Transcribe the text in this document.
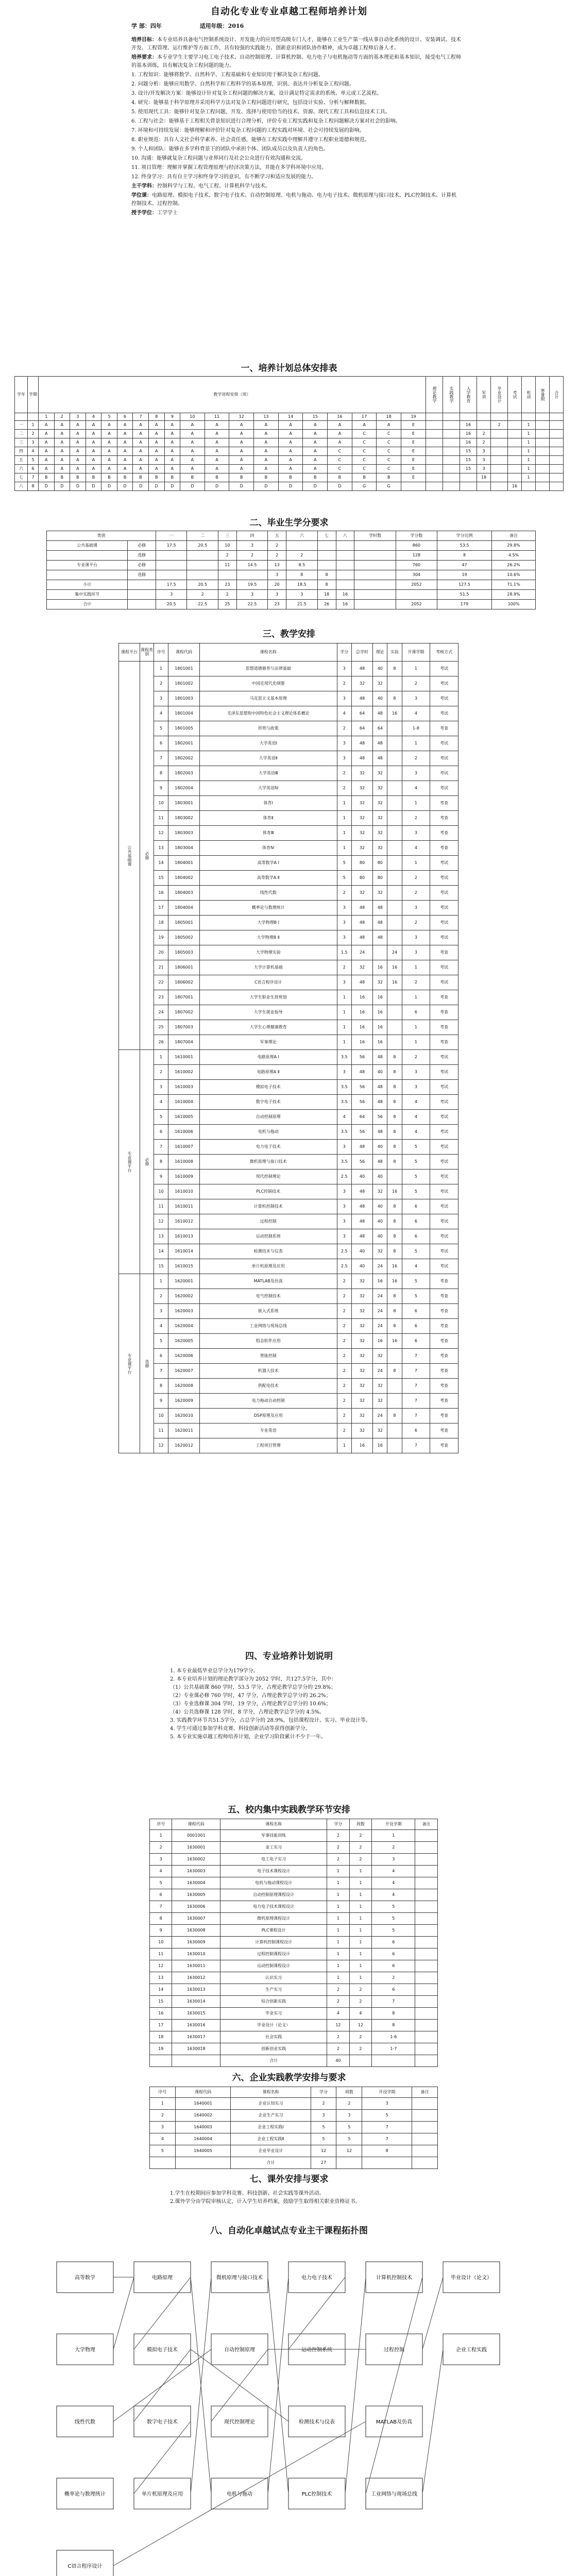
自动化专业专业卓越工程师培养计划
学 部：四年	适用年级：2016

培养目标：本专业培养具备电气控制系统设计、开发能力的应用型高级专门人才，能够在工业生产第一线从事自动化系统的设计、安装调试、技术开发、工程管理、运行维护等方面工作，具有较强的实践能力、创新意识和团队协作精神，成为卓越工程师后备人才。

培养要求：本专业学生主要学习电工电子技术、自动控制原理、计算机控制、电力电子与电机拖动等方面的基本理论和基本知识，接受电气工程师的基本训练，具有解决复杂工程问题的能力。

1. 工程知识：能够将数学、自然科学、工程基础和专业知识用于解决复杂工程问题。

2. 问题分析：能够应用数学、自然科学和工程科学的基本原理，识别、表达并分析复杂工程问题。

3. 设计/开发解决方案：能够设计针对复杂工程问题的解决方案，设计满足特定需求的系统、单元或工艺流程。

4. 研究：能够基于科学原理并采用科学方法对复杂工程问题进行研究，包括设计实验、分析与解释数据。

5. 使用现代工具：能够针对复杂工程问题，开发、选择与使用恰当的技术、资源、现代工程工具和信息技术工具。

6. 工程与社会：能够基于工程相关背景知识进行合理分析，评价专业工程实践和复杂工程问题解决方案对社会的影响。

7. 环境和可持续发展：能够理解和评价针对复杂工程问题的工程实践对环境、社会可持续发展的影响。

8. 职业规范：具有人文社会科学素养、社会责任感，能够在工程实践中理解并遵守工程职业道德和规范。

9. 个人和团队：能够在多学科背景下的团队中承担个体、团队成员以及负责人的角色。

10. 沟通：能够就复杂工程问题与业界同行及社会公众进行有效沟通和交流。

11. 项目管理：理解并掌握工程管理原理与经济决策方法，并能在多学科环境中应用。

12. 终身学习：具有自主学习和终身学习的意识，有不断学习和适应发展的能力。

主干学科：控制科学与工程、电气工程、计算机科学与技术。

学位课：电路原理、模拟电子技术、数字电子技术、自动控制原理、电机与拖动、电力电子技术、微机原理与接口技术、PLC控制技术、计算机控制技术、过程控制。

授予学位：工学学士

一、培养计划总体安排表
学年	学期	教学进程安排（周）																			理论教学	实践教学	入学教育	军训	毕业设计	考试	机动	寒暑假	合计
		1	2	3	4	5	6	7	8	9	10	11	12	13	14	15	16	17	18	19									
一	1	A	A	A	A	A	A	A	A	A	A	A	A	A	A	A	A	A	A	E			16		2		1		
二	2	A	A	A	A	A	A	A	A	A	A	A	A	A	A	A	A	C	C	E			16	2			1		
三	3	A	A	A	A	A	A	A	A	A	A	A	A	A	A	A	A	C	C	E			16	2			1		
四	4	A	A	A	A	A	A	A	A	A	A	A	A	A	A	A	C	C	C	E			15	3			1		
五	5	A	A	A	A	A	A	A	A	A	A	A	A	A	A	A	C	C	C	E			15	3			1		
六	6	A	A	A	A	A	A	A	A	A	A	A	A	A	A	A	C	C	C	E			15	3			1		
七	7	B	B	B	B	B	B	B	B	B	B	B	B	B	B	B	B	B	B	E				18			1		
八	8	D	D	D	D	D	D	D	D	D	D	D	D	D	D	D	D	G	G							16			
二、毕业生学分要求
类别		一	二	三	四	五	六	七	八	学时数	学分数	学分比例	备注
公共基础课	必修	17.5	20.5	10	3	2					860	53.5	29.8%
	选修			2	2	2	2				128	8	4.5%
专业课平台	必修			11	14.5	13	8.5				760	47	26.2%
	选修					3	8	8			304	19	10.6%
小计		17.5	20.5	23	19.5	20	18.5	8			2052	127.5	71.1%
集中实践环节		3	2	2	3	3	3	18	16			51.5	28.9%
合计		20.5	22.5	25	22.5	23	21.5	26	16		2052	179	100%
三、教学安排
课程平台	课程类别	序号	课程代码	课程名称	学分	总学时	理论	实验	开课学期	考核方式
公共基础课	必修	1	1801001	思想道德修养与法律基础	3	48	40	8	1	考试
		2	1801002	中国近现代史纲要	2	32	32		2	考试
		3	1801003	马克思主义基本原理	3	48	40	8	3	考试
		4	1801004	毛泽东思想和中国特色社会主义理论体系概论	4	64	48	16	4	考试
		5	1801005	形势与政策	2	64	64		1-8	考查
		6	1802001	大学英语Ⅰ	3	48	48		1	考试
		7	1802002	大学英语Ⅱ	3	48	48		2	考试
		8	1802003	大学英语Ⅲ	2	32	32		3	考试
		9	1802004	大学英语Ⅳ	2	32	32		4	考试
		10	1803001	体育Ⅰ	1	32	32		1	考查
		11	1803002	体育Ⅱ	1	32	32		2	考查
		12	1803003	体育Ⅲ	1	32	32		3	考查
		13	1803004	体育Ⅳ	1	32	32		4	考查
		14	1804001	高等数学A Ⅰ	5	80	80		1	考试
		15	1804002	高等数学A Ⅱ	5	80	80		2	考试
		16	1804003	线性代数	2	32	32		2	考试
		17	1804004	概率论与数理统计	3	48	48		3	考试
		18	1805001	大学物理B Ⅰ	3	48	48		2	考试
		19	1805002	大学物理B Ⅱ	3	48	48		3	考试
		20	1805003	大学物理实验	1.5	24		24	3	考查
		21	1806001	大学计算机基础	2	32	16	16	1	考试
		22	1806002	C语言程序设计	3	48	32	16	2	考试
		23	1807001	大学生职业生涯规划	1	16	16		1	考查
		24	1807002	大学生就业指导	1	16	16		6	考查
		25	1807003	大学生心理健康教育	1	16	16		1	考查
		26	1807004	军事理论	1	16	16		1	考查
专业课平台	必修	1	1610001	电路原理A Ⅰ	3.5	56	48	8	2	考试
		2	1610002	电路原理A Ⅱ	3	48	40	8	3	考试
		3	1610003	模拟电子技术	3.5	56	48	8	3	考试
		4	1610004	数字电子技术	3.5	56	48	8	4	考试
		5	1610005	自动控制原理	4	64	56	8	4	考试
		6	1610006	电机与拖动	3.5	56	48	8	4	考试
		7	1610007	电力电子技术	3	48	40	8	5	考试
		8	1610008	微机原理与接口技术	3.5	56	48	8	5	考试
		9	1610009	现代控制理论	2.5	40	40		5	考试
		10	1610010	PLC控制技术	3	48	32	16	5	考试
		11	1610011	计算机控制技术	3	48	40	8	6	考试
		12	1610012	过程控制	3	48	40	8	6	考试
		13	1610013	运动控制系统	3	48	40	8	6	考试
		14	1610014	检测技术与仪表	2.5	40	32	8	5	考试
		15	1610015	单片机原理及应用	2.5	40	24	16	4	考试
专业课平台	选修	1	1620001	MATLAB及仿真	2	32	16	16	5	考查
		2	1620002	电气控制技术	2	32	24	8	5	考查
		3	1620003	嵌入式系统	2	32	24	8	6	考查
		4	1620004	工业网络与现场总线	2	32	24	8	6	考查
		5	1620005	组态软件应用	2	32	16	16	6	考查
		6	1620006	智能控制	2	32	32		7	考查
		7	1620007	机器人技术	2	32	24	8	7	考查
		8	1620008	供配电技术	2	32	32		7	考查
		9	1620009	电力拖动自动控制	2	32	32		7	考查
		10	1620010	DSP原理及应用	2	32	24	8	7	考查
		11	1620011	专业英语	2	32	32		6	考查
		12	1620012	工程项目管理	1	16	16		7	考查
四、专业培养计划说明

1. 本专业最低毕业总学分为179学分。

2. 本专业培养计划的理论教学部分为 2052 学时，共127.5学分，其中：

（1）公共基础课 860 学时，53.5 学分，占理论教学总学分的 29.8%；

（2）专业课必修 760 学时，47 学分，占理论教学总学分的 26.2%；

（3）专业选修课 304 学时，19 学分，占理论教学总学分的 10.6%；

（4）公共选修课 128 学时，8 学分，占理论教学总学分的 4.5%。

3. 实践教学环节共51.5学分，占总学分的 28.9%，包括课程设计、实习、毕业设计等。

4. 学生可通过参加学科竞赛、科技创新活动等获得创新学分。

5. 本专业实施卓越工程师培养计划，企业学习阶段累计不少于一年。

五、校内集中实践教学环节安排
序号	课程代码	课程名称	学分	周数	开设学期	备注
1	0001001	军事技能训练	2	2	1	
2	1630001	金工实习	2	2	2	
3	1630002	电工电子实习	2	2	3	
4	1630003	电子技术课程设计	1	1	4	
5	1630004	电机与拖动课程设计	1	1	4	
6	1630005	自动控制原理课程设计	1	1	4	
7	1630006	电力电子技术课程设计	1	1	5	
8	1630007	微机原理课程设计	1	1	5	
9	1630008	PLC课程设计	1	1	5	
10	1630009	计算机控制课程设计	1	1	6	
11	1630010	过程控制课程设计	1	1	6	
12	1630011	运动控制课程设计	1	1	6	
13	1630012	认识实习	1	1	2	
14	1630013	生产实习	2	2	6	
15	1630014	综合创新实践	2	2	7	
16	1630015	毕业实习	4	4	8	
17	1630016	毕业设计（论文）	12	12	8	
18	1630017	社会实践	2	2	1-6	
19	1630018	创新创业实践	2	2	1-7	
		合计	40			
六、企业实践教学安排与要求
序号	课程代码	课程名称	学分	周数	开设学期	备注
1	1640001	企业认知实习	2	2	3	
2	1640002	企业生产实习	3	3	5	
3	1640003	企业工程实践Ⅰ	5	5	7	
4	1640004	企业工程实践Ⅱ	5	5	7	
5	1640005	企业毕业设计	12	12	8	
		合计	27			
七、课外安排与要求

1.学生在校期间应参加学科竞赛、科技创新、社会实践等课外活动。

2.课外学分由学院审核认定，计入学生培养档案，鼓励学生取得相关职业资格证书。

八、自动化卓越试点专业主干课程拓扑图
高等数学
大学物理
线性代数
概率论与数理统计
C语言程序设计
电路原理
模拟电子技术
数字电子技术
单片机原理及应用
微机原理与接口技术
自动控制原理
现代控制理论
电机与拖动
电力电子技术
运动控制系统
检测技术与仪表
PLC控制技术
计算机控制技术
过程控制
MATLAB及仿真
工业网络与现场总线
毕业设计（论文）
企业工程实践
